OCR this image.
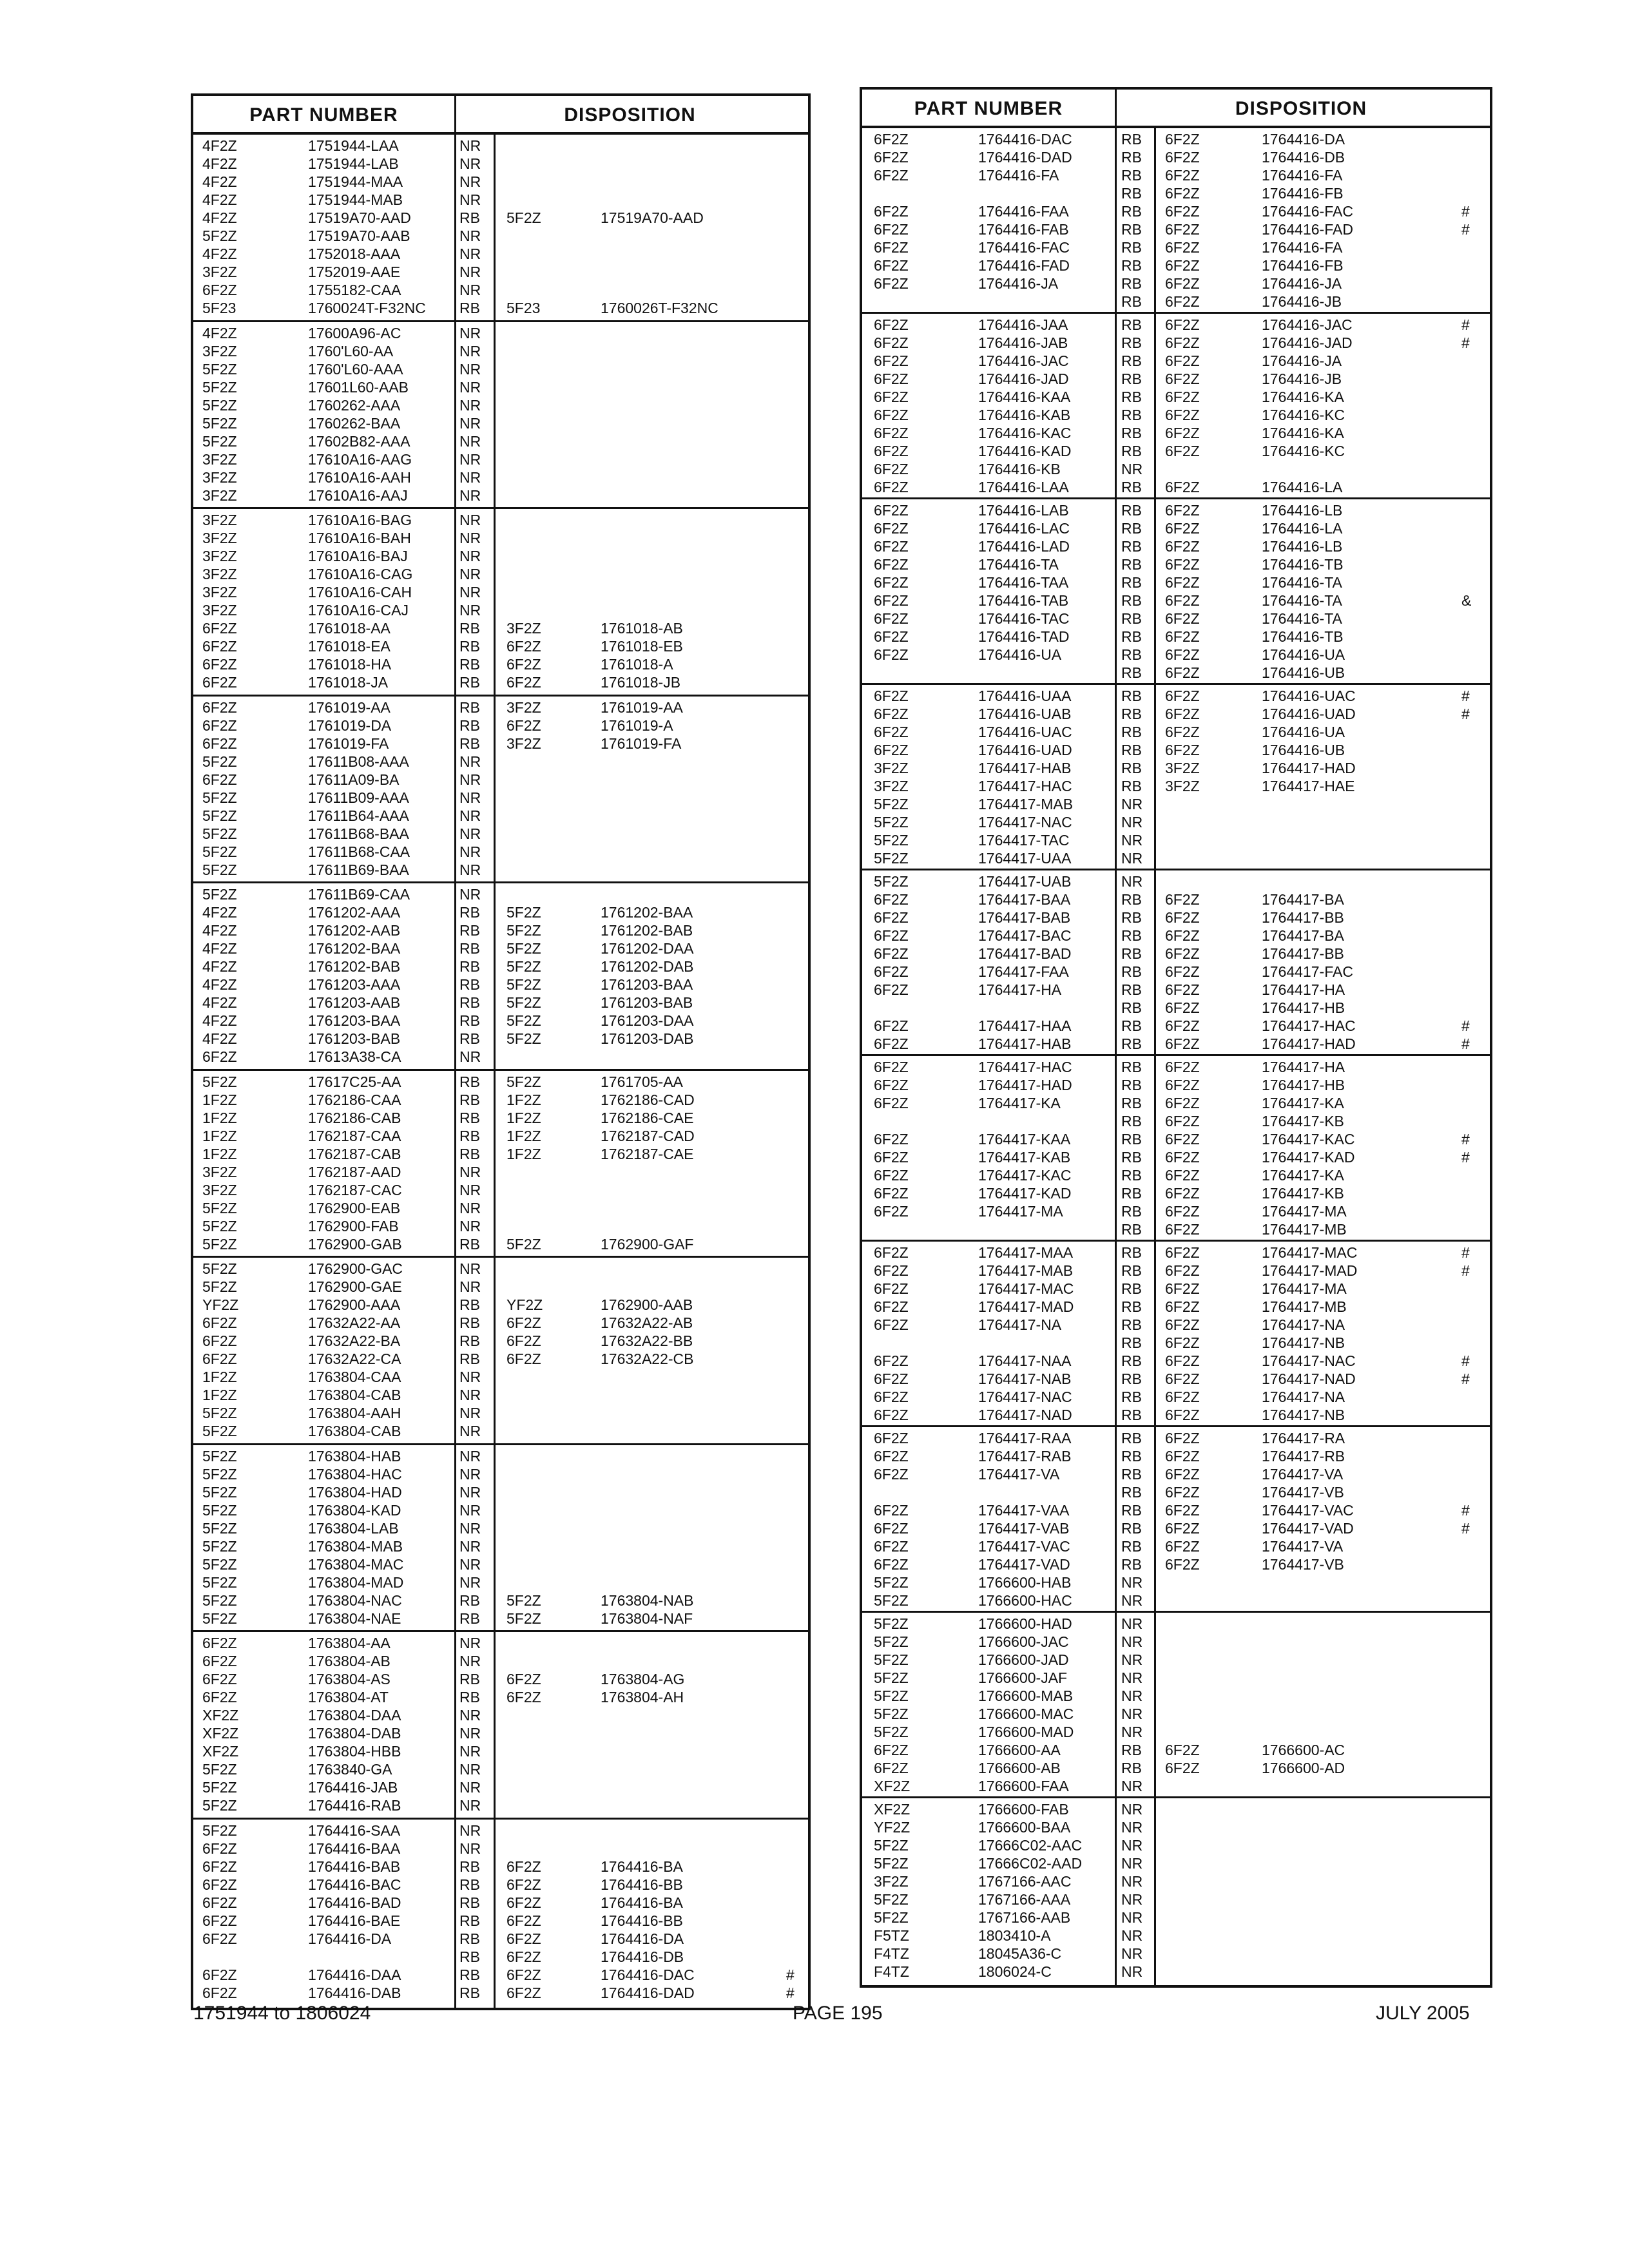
PART NUMBER	DISPOSITION
4F2Z	1751944-LAA	NR
4F2Z	1751944-LAB	NR
4F2Z	1751944-MAA	NR
4F2Z	1751944-MAB	NR
4F2Z	17519A70-AAD	RB 5F2Z	17519A70-AAD
5F2Z	17519A70-AAB	NR
4F2Z	1752018-AAA	NR
3F2Z	1752019-AAE	NR
6F2Z	1755182-CAA	NR
5F23	1760024T-F32NC RB 5F23	1760026T-F32NC
4F2Z	17600A96-AC	NR
3F2Z	1760'L60-AA	NR
5F2Z	1760'L60-AAA	NR
5F2Z	17601L60-AAB	NR
5F2Z	1760262-AAA	NR
5F2Z	1760262-BAA	NR
5F2Z	17602B82-AAA	NR
3F2Z	17610A16-AAG	NR
3F2Z	17610A16-AAH	NR
3F2Z	17610A16-AAJ	NR
3F2Z	17610A16-BAG	NR
3F2Z	17610A16-BAH	NR
3F2Z	17610A16-BAJ	NR
3F2Z	17610A16-CAG	NR
3F2Z	17610A16-CAH	NR
3F2Z	17610A16-CAJ	NR
6F2Z	1761018-AA	RB 3F2Z	1761018-AB
6F2Z	1761018-EA	RB 6F2Z	1761018-EB
6F2Z	1761018-HA	RB 6F2Z	1761018-A
6F2Z	1761018-JA	RB 6F2Z	1761018-JB
6F2Z	1761019-AA	RB 3F2Z	1761019-AA
6F2Z	1761019-DA	RB 6F2Z	1761019-A
6F2Z	1761019-FA	RB 3F2Z	1761019-FA
5F2Z	17611B08-AAA	NR
6F2Z	17611A09-BA	NR
5F2Z	17611B09-AAA	NR
5F2Z	17611B64-AAA	NR
5F2Z	17611B68-BAA	NR
5F2Z	17611B68-CAA	NR
5F2Z	17611B69-BAA	NR
5F2Z	17611B69-CAA	NR
4F2Z	1761202-AAA	RB 5F2Z	1761202-BAA
4F2Z	1761202-AAB	RB 5F2Z	1761202-BAB
4F2Z	1761202-BAA	RB 5F2Z	1761202-DAA
4F2Z	1761202-BAB	RB 5F2Z	1761202-DAB
4F2Z	1761203-AAA	RB 5F2Z	1761203-BAA
4F2Z	1761203-AAB	RB 5F2Z	1761203-BAB
4F2Z	1761203-BAA	RB 5F2Z	1761203-DAA
4F2Z	1761203-BAB	RB 5F2Z	1761203-DAB
6F2Z	17613A38-CA	NR
5F2Z	17617C25-AA	RB 5F2Z	1761705-AA
1F2Z	1762186-CAA	RB 1F2Z	1762186-CAD
1F2Z	1762186-CAB	RB 1F2Z	1762186-CAE
1F2Z	1762187-CAA	RB 1F2Z	1762187-CAD
1F2Z	1762187-CAB	RB 1F2Z	1762187-CAE
3F2Z	1762187-AAD	NR
3F2Z	1762187-CAC	NR
5F2Z	1762900-EAB	NR
5F2Z	1762900-FAB	NR
5F2Z	1762900-GAB	RB 5F2Z	1762900-GAF
5F2Z	1762900-GAC	NR
5F2Z	1762900-GAE	NR
YF2Z	1762900-AAA	RB YF2Z	1762900-AAB
6F2Z	17632A22-AA	RB 6F2Z	17632A22-AB
6F2Z	17632A22-BA	RB 6F2Z	17632A22-BB
6F2Z	17632A22-CA	RB 6F2Z	17632A22-CB
1F2Z	1763804-CAA	NR
1F2Z	1763804-CAB	NR
5F2Z	1763804-AAH	NR
5F2Z	1763804-CAB	NR
5F2Z	1763804-HAB	NR
5F2Z	1763804-HAC	NR
5F2Z	1763804-HAD	NR
5F2Z	1763804-KAD	NR
5F2Z	1763804-LAB	NR
5F2Z	1763804-MAB	NR
5F2Z	1763804-MAC	NR
5F2Z	1763804-MAD	NR
5F2Z	1763804-NAC	RB 5F2Z	1763804-NAB
5F2Z	1763804-NAE	RB 5F2Z	1763804-NAF
6F2Z	1763804-AA	NR
6F2Z	1763804-AB	NR
6F2Z	1763804-AS	RB 6F2Z	1763804-AG
6F2Z	1763804-AT	RB 6F2Z	1763804-AH
XF2Z	1763804-DAA	NR
XF2Z	1763804-DAB	NR
XF2Z	1763804-HBB	NR
5F2Z	1763840-GA	NR
5F2Z	1764416-JAB	NR
5F2Z	1764416-RAB	NR
5F2Z	1764416-SAA	NR
6F2Z	1764416-BAA	NR
6F2Z	1764416-BAB	RB 6F2Z	1764416-BA
6F2Z	1764416-BAC	RB 6F2Z	1764416-BB
6F2Z	1764416-BAD	RB 6F2Z	1764416-BA
6F2Z	1764416-BAE	RB 6F2Z	1764416-BB
6F2Z	1764416-DA	RB 6F2Z	1764416-DA
RB 6F2Z	1764416-DB
6F2Z	1764416-DAA	RB 6F2Z	1764416-DAC	#
6F2Z	1764416-DAB	RB 6F2Z	1764416-DAD	#
PART NUMBER	DISPOSITION
6F2Z	1764416-DAC	RB 6F2Z	1764416-DA
6F2Z	1764416-DAD	RB 6F2Z	1764416-DB
6F2Z	1764416-FA	RB 6F2Z	1764416-FA
RB 6F2Z	1764416-FB
6F2Z	1764416-FAA	RB 6F2Z	1764416-FAC	#
6F2Z	1764416-FAB	RB 6F2Z	1764416-FAD	#
6F2Z	1764416-FAC	RB 6F2Z	1764416-FA
6F2Z	1764416-FAD	RB 6F2Z	1764416-FB
6F2Z	1764416-JA	RB 6F2Z	1764416-JA
RB 6F2Z	1764416-JB
6F2Z	1764416-JAA	RB 6F2Z	1764416-JAC	#
6F2Z	1764416-JAB	RB 6F2Z	1764416-JAD	#
6F2Z	1764416-JAC	RB 6F2Z	1764416-JA
6F2Z	1764416-JAD	RB 6F2Z	1764416-JB
6F2Z	1764416-KAA	RB 6F2Z	1764416-KA
6F2Z	1764416-KAB	RB 6F2Z	1764416-KC
6F2Z	1764416-KAC	RB 6F2Z	1764416-KA
6F2Z	1764416-KAD	RB 6F2Z	1764416-KC
6F2Z	1764416-KB	NR
6F2Z	1764416-LAA	RB 6F2Z	1764416-LA
6F2Z	1764416-LAB	RB 6F2Z	1764416-LB
6F2Z	1764416-LAC	RB 6F2Z	1764416-LA
6F2Z	1764416-LAD	RB 6F2Z	1764416-LB
6F2Z	1764416-TA	RB 6F2Z	1764416-TB
6F2Z	1764416-TAA	RB 6F2Z	1764416-TA
6F2Z	1764416-TAB	RB 6F2Z	1764416-TA	&
6F2Z	1764416-TAC	RB 6F2Z	1764416-TA
6F2Z	1764416-TAD	RB 6F2Z	1764416-TB
6F2Z	1764416-UA	RB 6F2Z	1764416-UA
RB 6F2Z	1764416-UB
6F2Z	1764416-UAA	RB 6F2Z	1764416-UAC	#
6F2Z	1764416-UAB	RB 6F2Z	1764416-UAD	#
6F2Z	1764416-UAC	RB 6F2Z	1764416-UA
6F2Z	1764416-UAD	RB 6F2Z	1764416-UB
3F2Z	1764417-HAB	RB 3F2Z	1764417-HAD
3F2Z	1764417-HAC	RB 3F2Z	1764417-HAE
5F2Z	1764417-MAB	NR
5F2Z	1764417-NAC	NR
5F2Z	1764417-TAC	NR
5F2Z	1764417-UAA	NR
5F2Z	1764417-UAB	NR
6F2Z	1764417-BAA	RB 6F2Z	1764417-BA
6F2Z	1764417-BAB	RB 6F2Z	1764417-BB
6F2Z	1764417-BAC	RB 6F2Z	1764417-BA
6F2Z	1764417-BAD	RB 6F2Z	1764417-BB
6F2Z	1764417-FAA	RB 6F2Z	1764417-FAC
6F2Z	1764417-HA	RB 6F2Z	1764417-HA
RB 6F2Z	1764417-HB
6F2Z	1764417-HAA	RB 6F2Z	1764417-HAC	#
6F2Z	1764417-HAB	RB 6F2Z	1764417-HAD	#
6F2Z	1764417-HAC	RB 6F2Z	1764417-HA
6F2Z	1764417-HAD	RB 6F2Z	1764417-HB
6F2Z	1764417-KA	RB 6F2Z	1764417-KA
RB 6F2Z	1764417-KB
6F2Z	1764417-KAA	RB 6F2Z	1764417-KAC	#
6F2Z	1764417-KAB	RB 6F2Z	1764417-KAD	#
6F2Z	1764417-KAC	RB 6F2Z	1764417-KA
6F2Z	1764417-KAD	RB 6F2Z	1764417-KB
6F2Z	1764417-MA	RB 6F2Z	1764417-MA
RB 6F2Z	1764417-MB
6F2Z	1764417-MAA	RB 6F2Z	1764417-MAC	#
6F2Z	1764417-MAB	RB 6F2Z	1764417-MAD	#
6F2Z	1764417-MAC	RB 6F2Z	1764417-MA
6F2Z	1764417-MAD	RB 6F2Z	1764417-MB
6F2Z	1764417-NA	RB 6F2Z	1764417-NA
RB 6F2Z	1764417-NB
6F2Z	1764417-NAA	RB 6F2Z	1764417-NAC	#
6F2Z	1764417-NAB	RB 6F2Z	1764417-NAD	#
6F2Z	1764417-NAC	RB 6F2Z	1764417-NA
6F2Z	1764417-NAD	RB 6F2Z	1764417-NB
6F2Z	1764417-RAA	RB 6F2Z	1764417-RA
6F2Z	1764417-RAB	RB 6F2Z	1764417-RB
6F2Z	1764417-VA	RB 6F2Z	1764417-VA
RB 6F2Z	1764417-VB
6F2Z	1764417-VAA	RB 6F2Z	1764417-VAC	#
6F2Z	1764417-VAB	RB 6F2Z	1764417-VAD	#
6F2Z	1764417-VAC	RB 6F2Z	1764417-VA
6F2Z	1764417-VAD	RB 6F2Z	1764417-VB
5F2Z	1766600-HAB	NR
5F2Z	1766600-HAC	NR
5F2Z	1766600-HAD	NR
5F2Z	1766600-JAC	NR
5F2Z	1766600-JAD	NR
5F2Z	1766600-JAF	NR
5F2Z	1766600-MAB	NR
5F2Z	1766600-MAC	NR
5F2Z	1766600-MAD	NR
6F2Z	1766600-AA	RB 6F2Z	1766600-AC
6F2Z	1766600-AB	RB 6F2Z	1766600-AD
XF2Z	1766600-FAA	NR
XF2Z	1766600-FAB	NR
YF2Z	1766600-BAA	NR
5F2Z	17666C02-AAC	NR
5F2Z	17666C02-AAD	NR
3F2Z	1767166-AAC	NR
5F2Z	1767166-AAA	NR
5F2Z	1767166-AAB	NR
F5TZ	1803410-A	NR
F4TZ	18045A36-C	NR
F4TZ	1806024-C	NR
1751944 to 1806024	PAGE 195	JULY 2005
